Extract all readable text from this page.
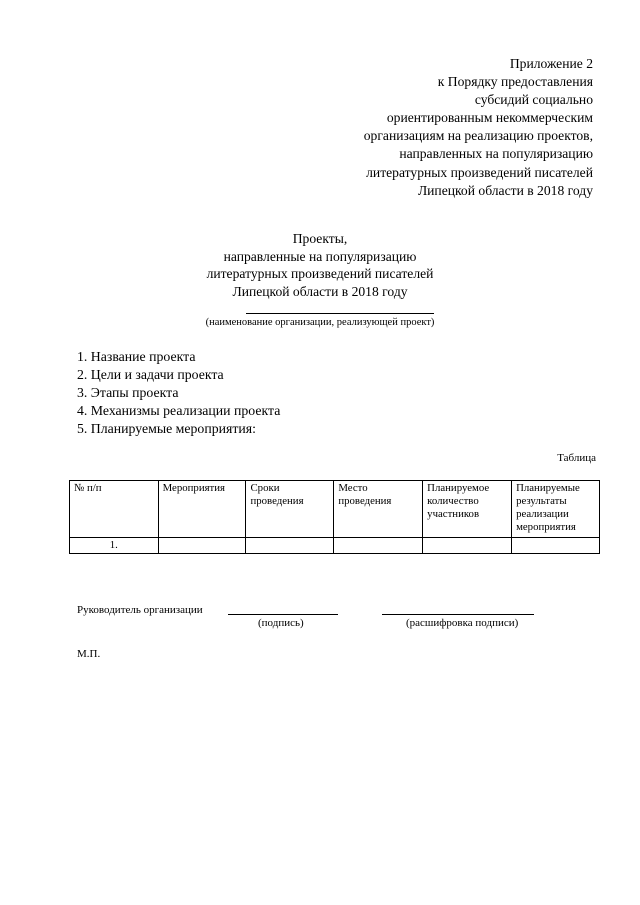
Приложение 2
к Порядку предоставления
субсидий социально
ориентированным некоммерческим
организациям на реализацию проектов,
направленных на популяризацию
литературных произведений писателей
Липецкой области в 2018 году
Проекты,
направленные на популяризацию
литературных произведений писателей
Липецкой области в 2018 году
(наименование организации, реализующей проект)
1. Название проекта
2. Цели и задачи проекта
3. Этапы проекта
4. Механизмы реализации проекта
5. Планируемые мероприятия:
Таблица
№ п/п	Мероприятия	Сроки проведения	Место проведения	Планируемое количество участников	Планируемые результаты реализации мероприятия
1.					
Руководитель организации
(подпись)	(расшифровка подписи)
М.П.
